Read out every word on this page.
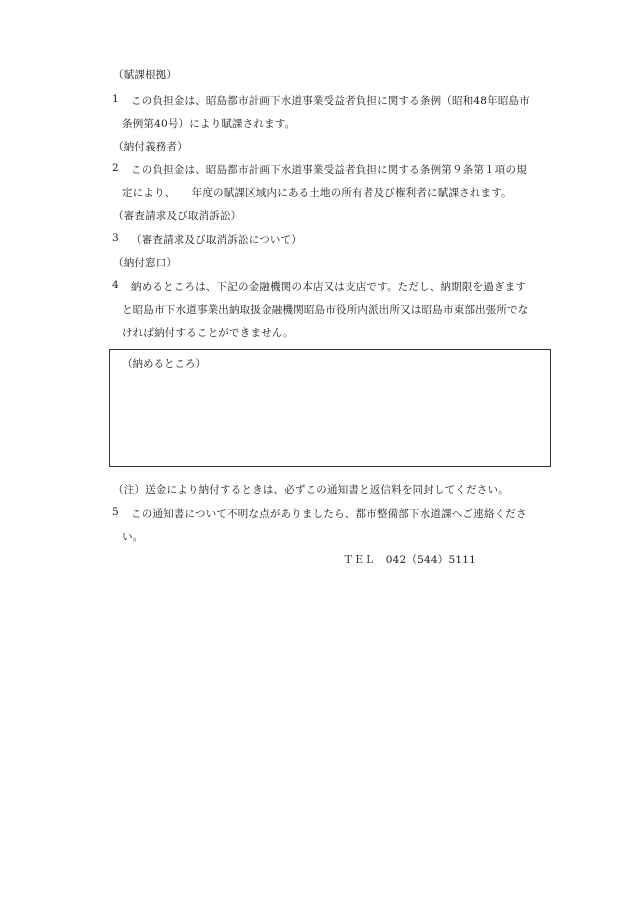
（賦課根拠）
1 この負担金は、昭島都市計画下水道事業受益者負担に関する条例（昭和48年昭島市
条例第40号）により賦課されます。
（納付義務者）
2 この負担金は、昭島都市計画下水道事業受益者負担に関する条例第９条第１項の規
定により、　　年度の賦課区域内にある土地の所有者及び権利者に賦課されます。
（審査請求及び取消訴訟）
3 （審査請求及び取消訴訟について）
（納付窓口）
4 納めるところは、下記の金融機関の本店又は支店です。ただし、納期限を過ぎます
と昭島市下水道事業出納取扱金融機関昭島市役所内派出所又は昭島市東部出張所でな
ければ納付することができません。
（納めるところ）
（注）送金により納付するときは、必ずこの通知書と返信料を同封してください。
5 この通知書について不明な点がありましたら、都市整備部下水道課へご連絡くださ
い。
ＴＥＬ　042（544）5111
